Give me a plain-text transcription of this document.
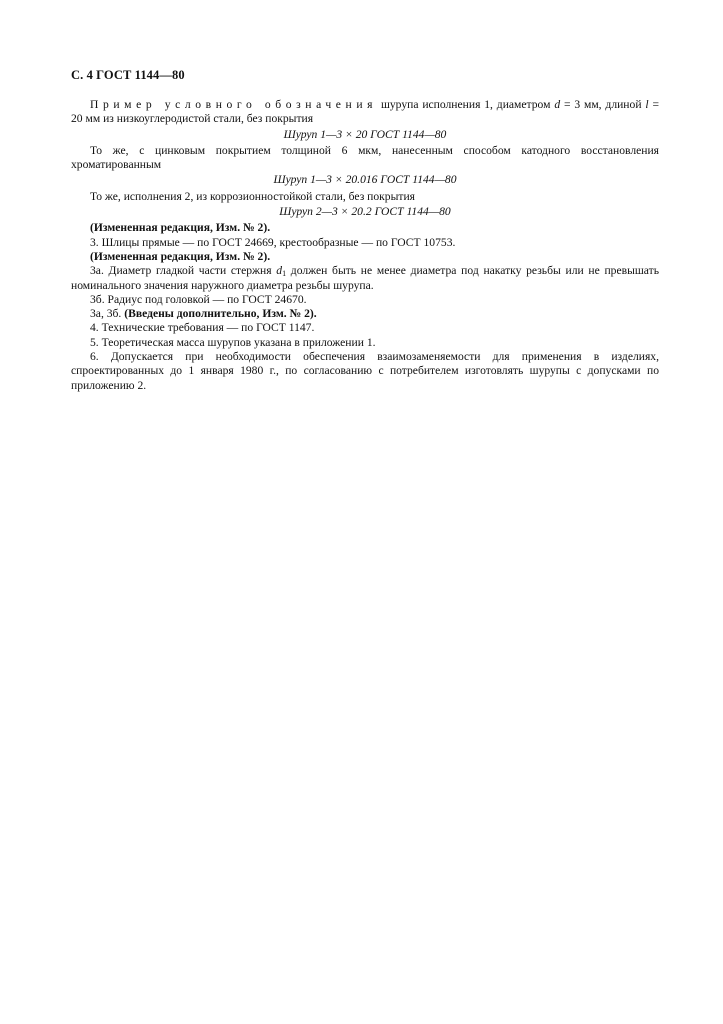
С. 4 ГОСТ 1144—80

Пример условного обозначения шурупа исполнения 1, диаметром d = 3 мм, длиной l = 20 мм из низкоуглеродистой стали, без покрытия

Шуруп 1—3 × 20 ГОСТ 1144—80

То же, с цинковым покрытием толщиной 6 мкм, нанесенным способом катодного восстановления хроматированным

Шуруп 1—3 × 20.016 ГОСТ 1144—80

То же, исполнения 2, из коррозионностойкой стали, без покрытия

Шуруп 2—3 × 20.2 ГОСТ 1144—80

(Измененная редакция, Изм. № 2).

3. Шлицы прямые — по ГОСТ 24669, крестообразные — по ГОСТ 10753.

(Измененная редакция, Изм. № 2).

3а. Диаметр гладкой части стержня $d_1$ должен быть не менее диаметра под накатку резьбы или не превышать номинального значения наружного диаметра резьбы шурупа.

3б. Радиус под головкой — по ГОСТ 24670.

3а, 3б. (Введены дополнительно, Изм. № 2).

4. Технические требования — по ГОСТ 1147.

5. Теоретическая масса шурупов указана в приложении 1.

6. Допускается при необходимости обеспечения взаимозаменяемости для применения в изделиях, спроектированных до 1 января 1980 г., по согласованию с потребителем изготовлять шурупы с допусками по приложению 2.
